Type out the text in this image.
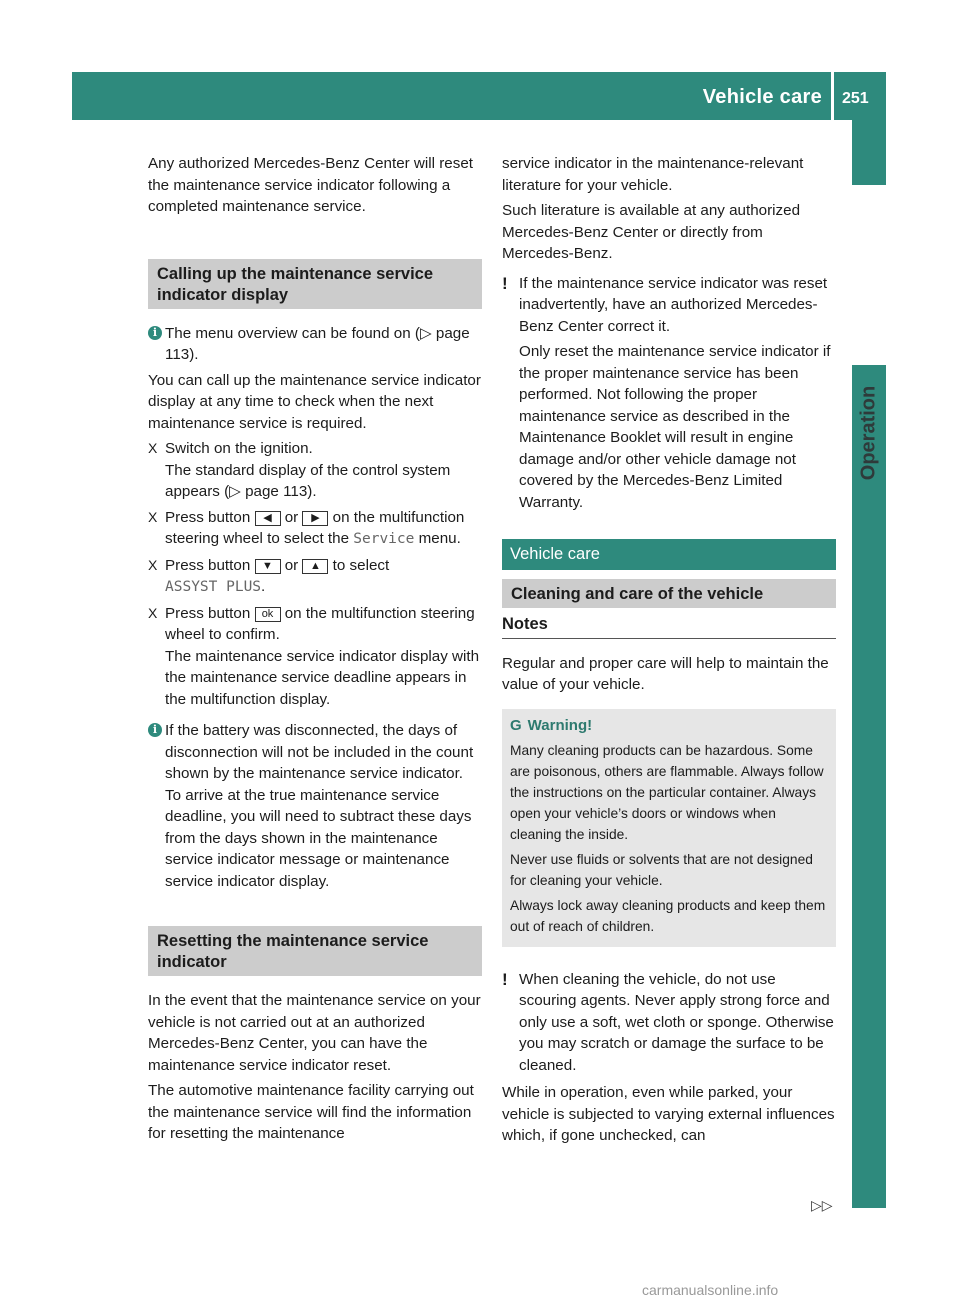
Vehicle care 251
Operation

Any authorized Mercedes-Benz Center will reset the maintenance service indicator following a completed maintenance service.

Calling up the maintenance service indicator display
i The menu overview can be found on (▷ page 113).

You can call up the maintenance service indicator display at any time to check when the next maintenance service is required.

X Switch on the ignition.
The standard display of the control system appears (▷ page 113).
X Press button ◀ or ▶ on the multifunction steering wheel to select the Service menu.
X Press button ▼ or ▲ to select
ASSYST PLUS.
X Press button ok on the multifunction steering wheel to confirm.
The maintenance service indicator display with the maintenance service deadline appears in the multifunction display.
i If the battery was disconnected, the days of disconnection will not be included in the count shown by the maintenance service indicator. To arrive at the true maintenance service deadline, you will need to subtract these days from the days shown in the maintenance service indicator message or maintenance service indicator display.
Resetting the maintenance service indicator

In the event that the maintenance service on your vehicle is not carried out at an authorized Mercedes-Benz Center, you can have the maintenance service indicator reset.

The automotive maintenance facility carrying out the maintenance service will find the information for resetting the maintenance

service indicator in the maintenance-relevant literature for your vehicle.

Such literature is available at any authorized Mercedes-Benz Center or directly from Mercedes-Benz.

! If the maintenance service indicator was reset inadvertently, have an authorized Mercedes-Benz Center correct it.

Only reset the maintenance service indicator if the proper maintenance service has been performed. Not following the proper maintenance service as described in the Maintenance Booklet will result in engine damage and/or other vehicle damage not covered by the Mercedes-Benz Limited Warranty.

Vehicle care
Cleaning and care of the vehicle
Notes

Regular and proper care will help to maintain the value of your vehicle.

G Warning!

Many cleaning products can be hazardous. Some are poisonous, others are flammable. Always follow the instructions on the particular container. Always open your vehicle’s doors or windows when cleaning the inside.

Never use fluids or solvents that are not designed for cleaning your vehicle.

Always lock away cleaning products and keep them out of reach of children.

! When cleaning the vehicle, do not use scouring agents. Never apply strong force and only use a soft, wet cloth or sponge. Otherwise you may scratch or damage the surface to be cleaned.

While in operation, even while parked, your vehicle is subjected to varying external influences which, if gone unchecked, can

▷▷
carmanualsonline.info
